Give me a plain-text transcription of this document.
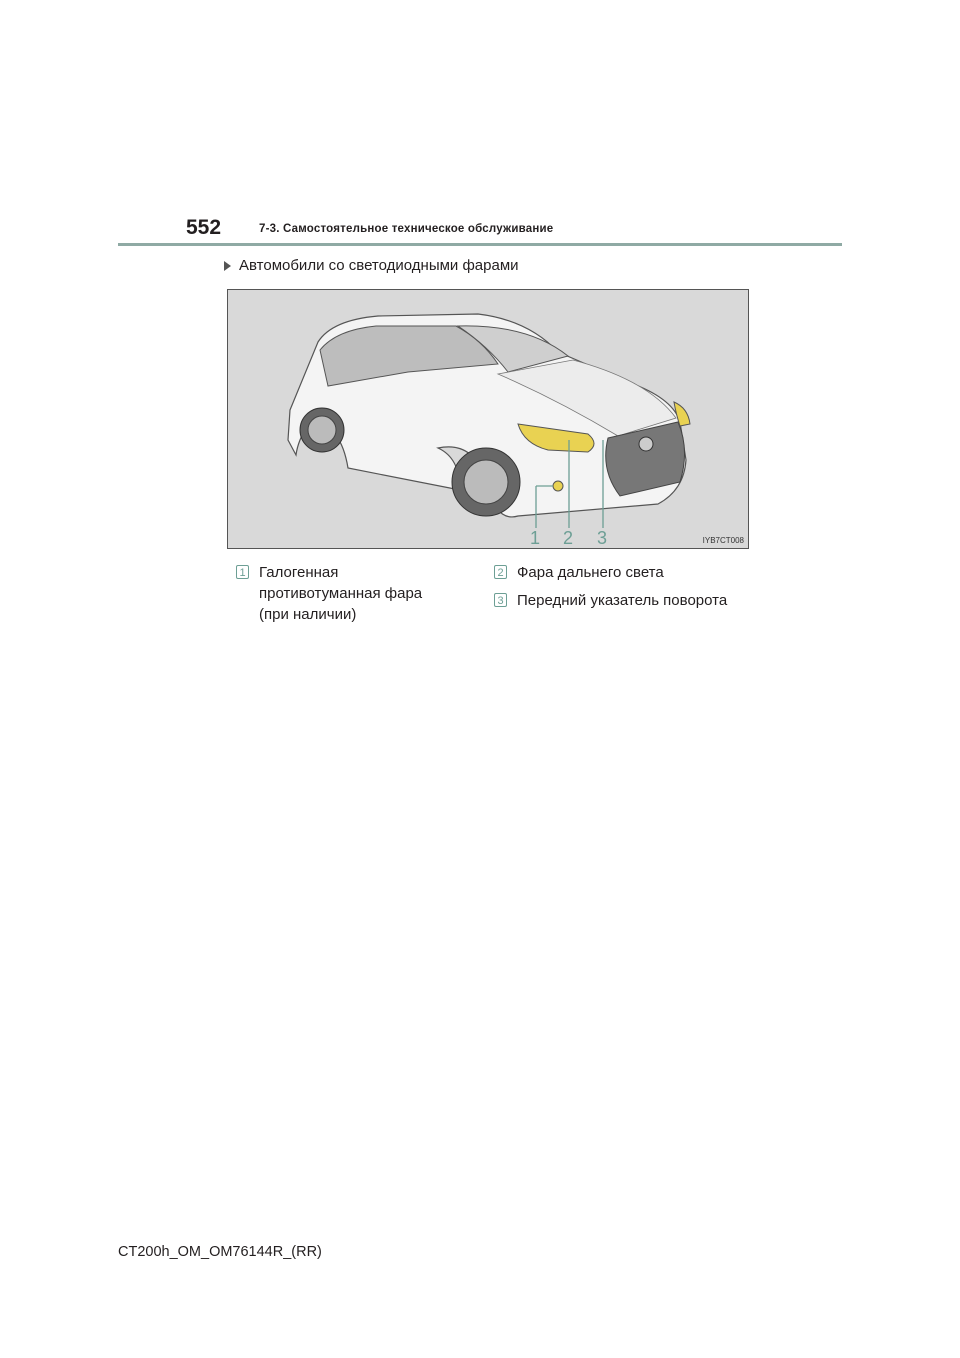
552	7-3. Самостоятельное техническое обслуживание
Автомобили со светодиодными фарами
1 2 3	IYB7CT008
1 Галогенная противотуманная фара (при наличии)
2 Фара дальнего света
3 Передний указатель поворота
CT200h_OM_OM76144R_(RR)
